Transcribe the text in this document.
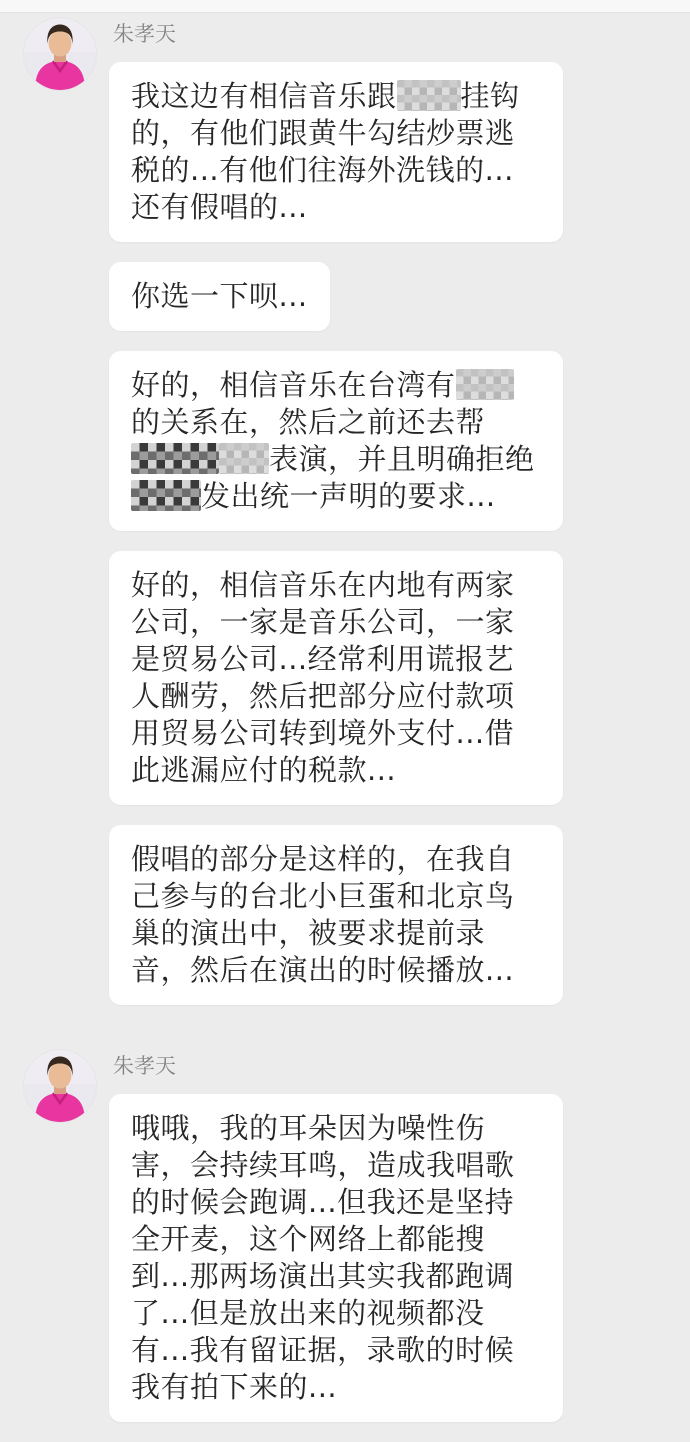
朱孝天
我这边有相信音乐跟 挂钩的，有他们跟黄牛勾结炒票逃税的...有他们往海外洗钱的...还有假唱的...
你选一下呗...
好的，相信音乐在台湾有的关系在，然后之前还去帮表演，并且明确拒绝发出统一声明的要求...
好的，相信音乐在内地有两家公司，一家是音乐公司，一家是贸易公司...经常利用谎报艺人酬劳，然后把部分应付款项用贸易公司转到境外支付...借此逃漏应付的税款...
假唱的部分是这样的，在我自己参与的台北小巨蛋和北京鸟巢的演出中，被要求提前录音，然后在演出的时候播放...
朱孝天
哦哦，我的耳朵因为噪性伤害，会持续耳鸣，造成我唱歌的时候会跑调...但我还是坚持全开麦，这个网络上都能搜到...那两场演出其实我都跑调了...但是放出来的视频都没有...我有留证据，录歌的时候我有拍下来的...
